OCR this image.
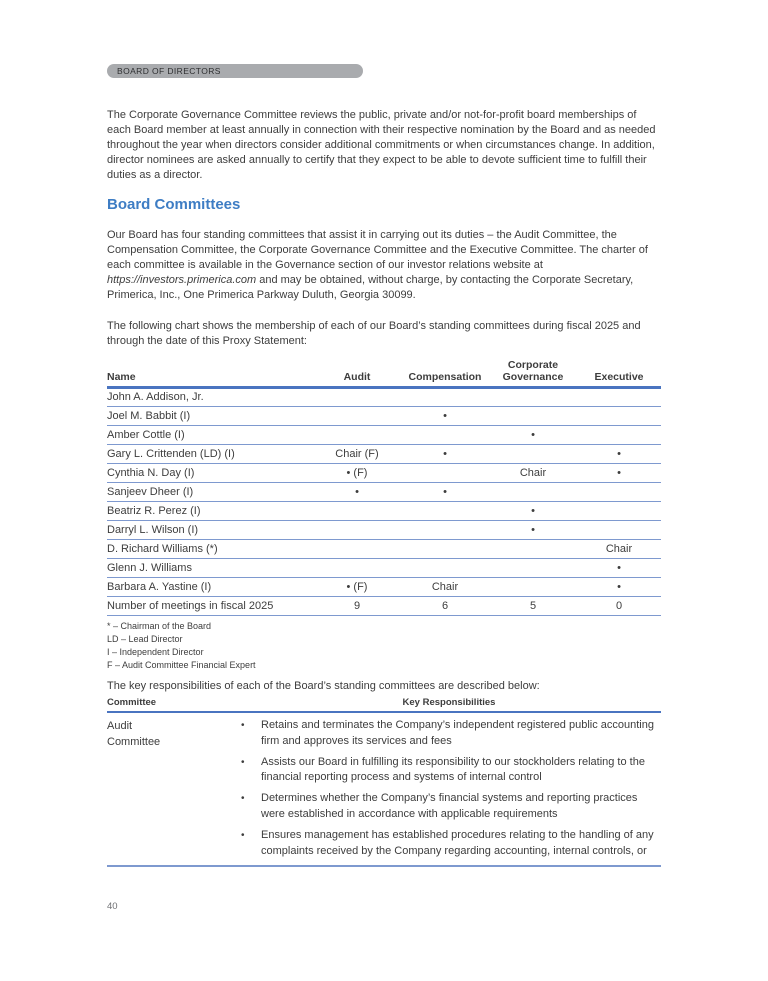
BOARD OF DIRECTORS

The Corporate Governance Committee reviews the public, private and/or not-for-profit board memberships of each Board member at least annually in connection with their respective nomination by the Board and as needed throughout the year when directors consider additional commitments or when circumstances change. In addition, director nominees are asked annually to certify that they expect to be able to devote sufficient time to fulfill their duties as a director.

Board Committees

Our Board has four standing committees that assist it in carrying out its duties – the Audit Committee, the Compensation Committee, the Corporate Governance Committee and the Executive Committee. The charter of each committee is available in the Governance section of our investor relations website at https://investors.primerica.com and may be obtained, without charge, by contacting the Corporate Secretary, Primerica, Inc., One Primerica Parkway Duluth, Georgia 30099.

The following chart shows the membership of each of our Board’s standing committees during fiscal 2025 and through the date of this Proxy Statement:

Name	Audit	Compensation	Corporate Governance	Executive
John A. Addison, Jr.				
Joel M. Babbit (I)		•		
Amber Cottle (I)			•	
Gary L. Crittenden (LD) (I)	Chair (F)	•		•
Cynthia N. Day (I)	• (F)		Chair	•
Sanjeev Dheer (I)	•	•		
Beatriz R. Perez (I)			•	
Darryl L. Wilson (I)			•	
D. Richard Williams (*)				Chair
Glenn J. Williams				•
Barbara A. Yastine (I)	• (F)	Chair		•
Number of meetings in fiscal 2025	9	6	5	0
* – Chairman of the Board
LD – Lead Director
I – Independent Director
F – Audit Committee Financial Expert

The key responsibilities of each of the Board’s standing committees are described below:

Committee	Key Responsibilities

Audit Committee

•	Retains and terminates the Company’s independent registered public accounting firm and approves its services and fees
•	Assists our Board in fulfilling its responsibility to our stockholders relating to the financial reporting process and systems of internal control
•	Determines whether the Company’s financial systems and reporting practices were established in accordance with applicable requirements
•	Ensures management has established procedures relating to the handling of any complaints received by the Company regarding accounting, internal controls, or
40
